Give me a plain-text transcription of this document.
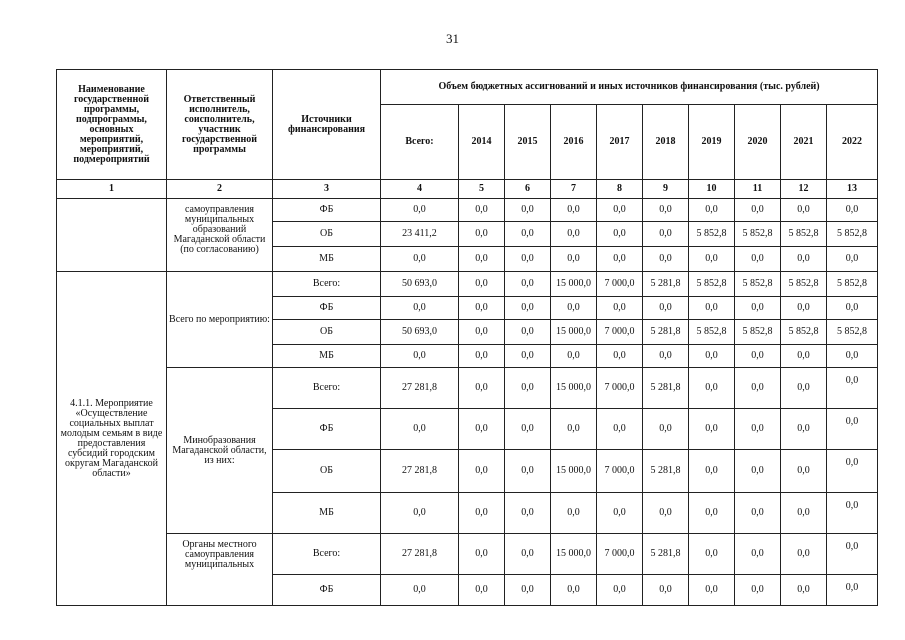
31
Наименование государственной программы, подпрограммы, основных мероприятий, мероприятий, подмероприятий	Ответственный исполнитель, соисполнитель, участник государственной программы	Источники финансирования	Объем бюджетных ассигнований и иных источников финансирования (тыс. рублей)									
			Всего:	2014	2015	2016	2017	2018	2019	2020	2021	2022
1	2	3	4	5	6	7	8	9	10	11	12	13
	самоуправления муниципальных образований Магаданской области (по согласованию)	ФБ	0,0	0,0	0,0	0,0	0,0	0,0	0,0	0,0	0,0	0,0
		ОБ	23 411,2	0,0	0,0	0,0	0,0	0,0	5 852,8	5 852,8	5 852,8	5 852,8
		МБ	0,0	0,0	0,0	0,0	0,0	0,0	0,0	0,0	0,0	0,0
4.1.1. Мероприятие «Осуществление социальных выплат молодым семьям в виде предоставления субсидий городским округам Магаданской области»	Всего по мероприятию:	Всего:	50 693,0	0,0	0,0	15 000,0	7 000,0	5 281,8	5 852,8	5 852,8	5 852,8	5 852,8
		ФБ	0,0	0,0	0,0	0,0	0,0	0,0	0,0	0,0	0,0	0,0
		ОБ	50 693,0	0,0	0,0	15 000,0	7 000,0	5 281,8	5 852,8	5 852,8	5 852,8	5 852,8
		МБ	0,0	0,0	0,0	0,0	0,0	0,0	0,0	0,0	0,0	0,0
	Минобразования Магаданской области, из них:	Всего:	27 281,8	0,0	0,0	15 000,0	7 000,0	5 281,8	0,0	0,0	0,0	0,0
		ФБ	0,0	0,0	0,0	0,0	0,0	0,0	0,0	0,0	0,0	0,0
		ОБ	27 281,8	0,0	0,0	15 000,0	7 000,0	5 281,8	0,0	0,0	0,0	0,0
		МБ	0,0	0,0	0,0	0,0	0,0	0,0	0,0	0,0	0,0	0,0
	Органы местного самоуправления муниципальных	Всего:	27 281,8	0,0	0,0	15 000,0	7 000,0	5 281,8	0,0	0,0	0,0	0,0
		ФБ	0,0	0,0	0,0	0,0	0,0	0,0	0,0	0,0	0,0	0,0
